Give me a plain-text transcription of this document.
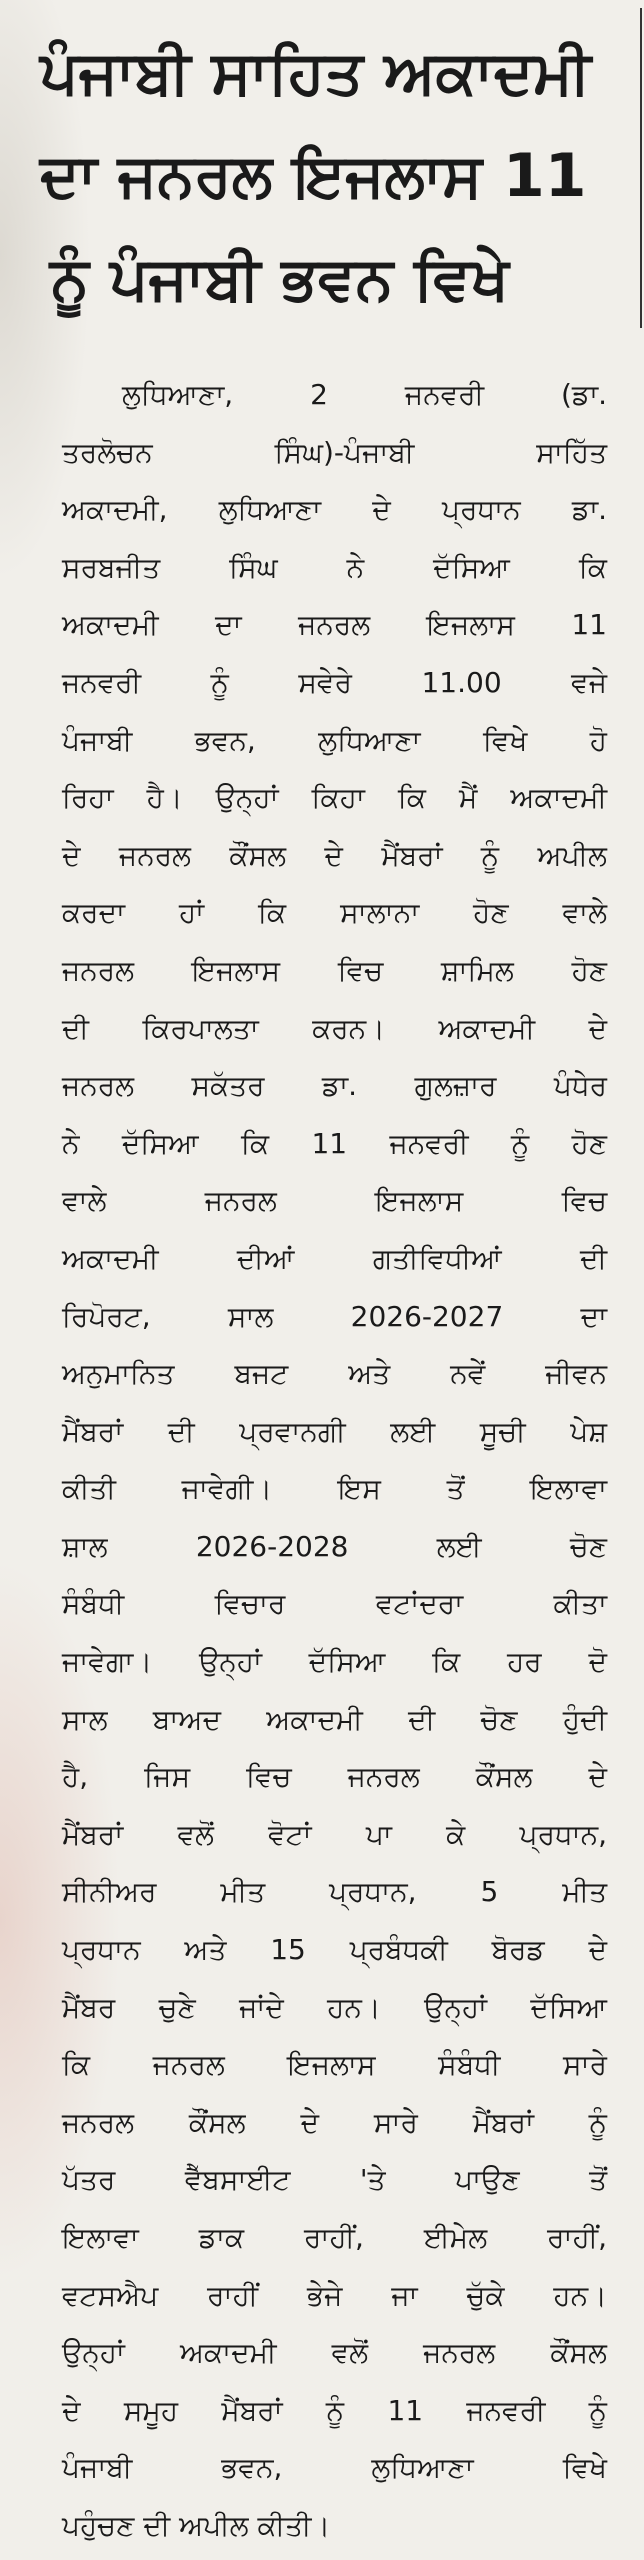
ਪੰਜਾਬੀ ਸਾਹਿਤ ਅਕਾਦਮੀ
ਦਾ ਜਨਰਲ ਇਜਲਾਸ 11
ਨੂੰ ਪੰਜਾਬੀ ਭਵਨ ਵਿਖੇ
ਲੁਧਿਆਣਾ, 2 ਜਨਵਰੀ (ਡਾ.
ਤਰਲੋਚਨ ਸਿੰਘ)-ਪੰਜਾਬੀ ਸਾਹਿੱਤ
ਅਕਾਦਮੀ, ਲੁਧਿਆਣਾ ਦੇ ਪ੍ਰਧਾਨ ਡਾ.
ਸਰਬਜੀਤ ਸਿੰਘ ਨੇ ਦੱਸਿਆ ਕਿ
ਅਕਾਦਮੀ ਦਾ ਜਨਰਲ ਇਜਲਾਸ 11
ਜਨਵਰੀ ਨੂੰ ਸਵੇਰੇ 11.00 ਵਜੇ
ਪੰਜਾਬੀ ਭਵਨ, ਲੁਧਿਆਣਾ ਵਿਖੇ ਹੋ
ਰਿਹਾ ਹੈ। ਉਨ੍ਹਾਂ ਕਿਹਾ ਕਿ ਮੈਂ ਅਕਾਦਮੀ
ਦੇ ਜਨਰਲ ਕੌਂਸਲ ਦੇ ਮੈਂਬਰਾਂ ਨੂੰ ਅਪੀਲ
ਕਰਦਾ ਹਾਂ ਕਿ ਸਾਲਾਨਾ ਹੋਣ ਵਾਲੇ
ਜਨਰਲ ਇਜਲਾਸ ਵਿਚ ਸ਼ਾਮਿਲ ਹੋਣ
ਦੀ ਕਿਰਪਾਲਤਾ ਕਰਨ। ਅਕਾਦਮੀ ਦੇ
ਜਨਰਲ ਸਕੱਤਰ ਡਾ. ਗੁਲਜ਼ਾਰ ਪੰਧੇਰ
ਨੇ ਦੱਸਿਆ ਕਿ 11 ਜਨਵਰੀ ਨੂੰ ਹੋਣ
ਵਾਲੇ ਜਨਰਲ ਇਜਲਾਸ ਵਿਚ
ਅਕਾਦਮੀ ਦੀਆਂ ਗਤੀਵਿਧੀਆਂ ਦੀ
ਰਿਪੋਰਟ, ਸਾਲ 2026-2027 ਦਾ
ਅਨੁਮਾਨਿਤ ਬਜਟ ਅਤੇ ਨਵੇਂ ਜੀਵਨ
ਮੈਂਬਰਾਂ ਦੀ ਪ੍ਰਵਾਨਗੀ ਲਈ ਸੂਚੀ ਪੇਸ਼
ਕੀਤੀ ਜਾਵੇਗੀ। ਇਸ ਤੋਂ ਇਲਾਵਾ
ਸ਼ਾਲ 2026-2028 ਲਈ ਚੋਣ
ਸੰਬੰਧੀ ਵਿਚਾਰ ਵਟਾਂਦਰਾ ਕੀਤਾ
ਜਾਵੇਗਾ। ਉਨ੍ਹਾਂ ਦੱਸਿਆ ਕਿ ਹਰ ਦੋ
ਸਾਲ ਬਾਅਦ ਅਕਾਦਮੀ ਦੀ ਚੋਣ ਹੁੰਦੀ
ਹੈ, ਜਿਸ ਵਿਚ ਜਨਰਲ ਕੌਂਸਲ ਦੇ
ਮੈਂਬਰਾਂ ਵਲੋਂ ਵੋਟਾਂ ਪਾ ਕੇ ਪ੍ਰਧਾਨ,
ਸੀਨੀਅਰ ਮੀਤ ਪ੍ਰਧਾਨ, 5 ਮੀਤ
ਪ੍ਰਧਾਨ ਅਤੇ 15 ਪ੍ਰਬੰਧਕੀ ਬੋਰਡ ਦੇ
ਮੈਂਬਰ ਚੁਣੇ ਜਾਂਦੇ ਹਨ। ਉਨ੍ਹਾਂ ਦੱਸਿਆ
ਕਿ ਜਨਰਲ ਇਜਲਾਸ ਸੰਬੰਧੀ ਸਾਰੇ
ਜਨਰਲ ਕੌਂਸਲ ਦੇ ਸਾਰੇ ਮੈਂਬਰਾਂ ਨੂੰ
ਪੱਤਰ ਵੈੱਬਸਾਈਟ 'ਤੇ ਪਾਉਣ ਤੋਂ
ਇਲਾਵਾ ਡਾਕ ਰਾਹੀਂ, ਈਮੇਲ ਰਾਹੀਂ,
ਵਟਸਐਪ ਰਾਹੀਂ ਭੇਜੇ ਜਾ ਚੁੱਕੇ ਹਨ।
ਉਨ੍ਹਾਂ ਅਕਾਦਮੀ ਵਲੋਂ ਜਨਰਲ ਕੌਂਸਲ
ਦੇ ਸਮੂਹ ਮੈਂਬਰਾਂ ਨੂੰ 11 ਜਨਵਰੀ ਨੂੰ
ਪੰਜਾਬੀ ਭਵਨ, ਲੁਧਿਆਣਾ ਵਿਖੇ
ਪਹੁੰਚਣ ਦੀ ਅਪੀਲ ਕੀਤੀ।
